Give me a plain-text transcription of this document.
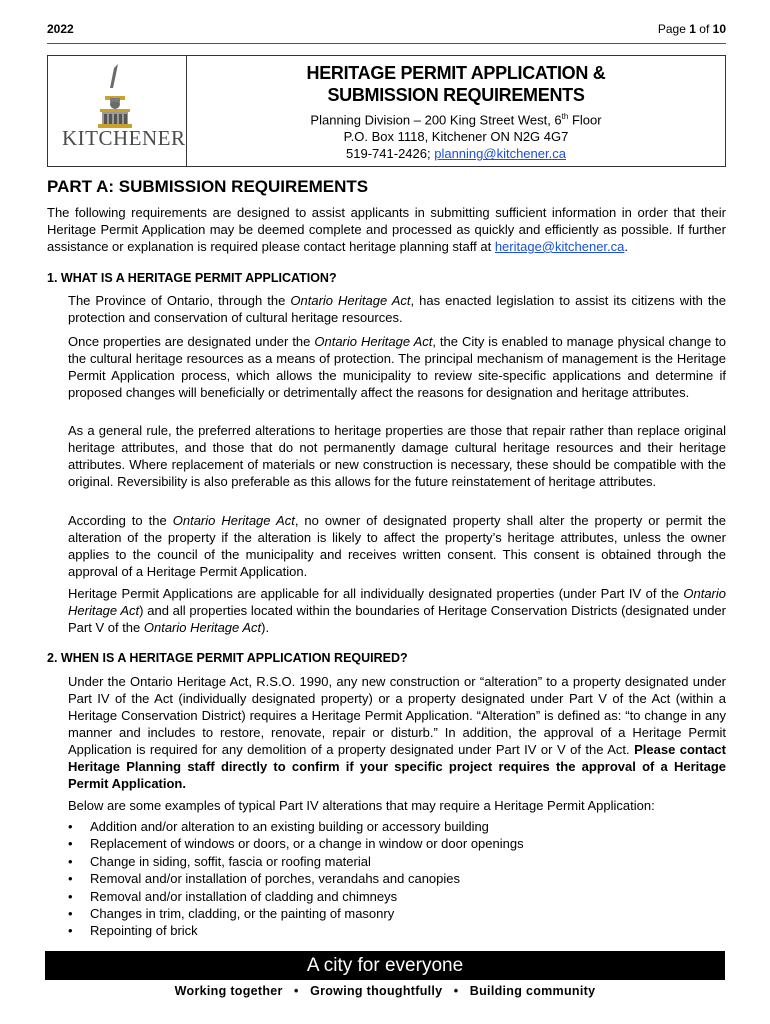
2022	Page 1 of 10
KITCHENER
HERITAGE PERMIT APPLICATION &
SUBMISSION REQUIREMENTS
Planning Division – 200 King Street West, 6th Floor
P.O. Box 1118, Kitchener ON N2G 4G7
519-741-2426; planning@kitchener.ca
PART A: SUBMISSION REQUIREMENTS
The following requirements are designed to assist applicants in submitting sufficient information in order that their Heritage Permit Application may be deemed complete and processed as quickly and efficiently as possible. If further assistance or explanation is required please contact heritage planning staff at heritage@kitchener.ca.
1. WHAT IS A HERITAGE PERMIT APPLICATION?
The Province of Ontario, through the Ontario Heritage Act, has enacted legislation to assist its citizens with the protection and conservation of cultural heritage resources.
Once properties are designated under the Ontario Heritage Act, the City is enabled to manage physical change to the cultural heritage resources as a means of protection. The principal mechanism of management is the Heritage Permit Application process, which allows the municipality to review site-specific applications and determine if proposed changes will beneficially or detrimentally affect the reasons for designation and heritage attributes.
As a general rule, the preferred alterations to heritage properties are those that repair rather than replace original heritage attributes, and those that do not permanently damage cultural heritage resources and their heritage attributes. Where replacement of materials or new construction is necessary, these should be compatible with the original. Reversibility is also preferable as this allows for the future reinstatement of heritage attributes.
According to the Ontario Heritage Act, no owner of designated property shall alter the property or permit the alteration of the property if the alteration is likely to affect the property’s heritage attributes, unless the owner applies to the council of the municipality and receives written consent. This consent is obtained through the approval of a Heritage Permit Application.
Heritage Permit Applications are applicable for all individually designated properties (under Part IV of the Ontario Heritage Act) and all properties located within the boundaries of Heritage Conservation Districts (designated under Part V of the Ontario Heritage Act).
2. WHEN IS A HERITAGE PERMIT APPLICATION REQUIRED?
Under the Ontario Heritage Act, R.S.O. 1990, any new construction or “alteration” to a property designated under Part IV of the Act (individually designated property) or a property designated under Part V of the Act (within a Heritage Conservation District) requires a Heritage Permit Application. “Alteration” is defined as: “to change in any manner and includes to restore, renovate, repair or disturb.” In addition, the approval of a Heritage Permit Application is required for any demolition of a property designated under Part IV or V of the Act. Please contact Heritage Planning staff directly to confirm if your specific project requires the approval of a Heritage Permit Application.
Below are some examples of typical Part IV alterations that may require a Heritage Permit Application:
• Addition and/or alteration to an existing building or accessory building
• Replacement of windows or doors, or a change in window or door openings
• Change in siding, soffit, fascia or roofing material
• Removal and/or installation of porches, verandahs and canopies
• Removal and/or installation of cladding and chimneys
• Changes in trim, cladding, or the painting of masonry
• Repointing of brick
A city for everyone
Working together • Growing thoughtfully • Building community
